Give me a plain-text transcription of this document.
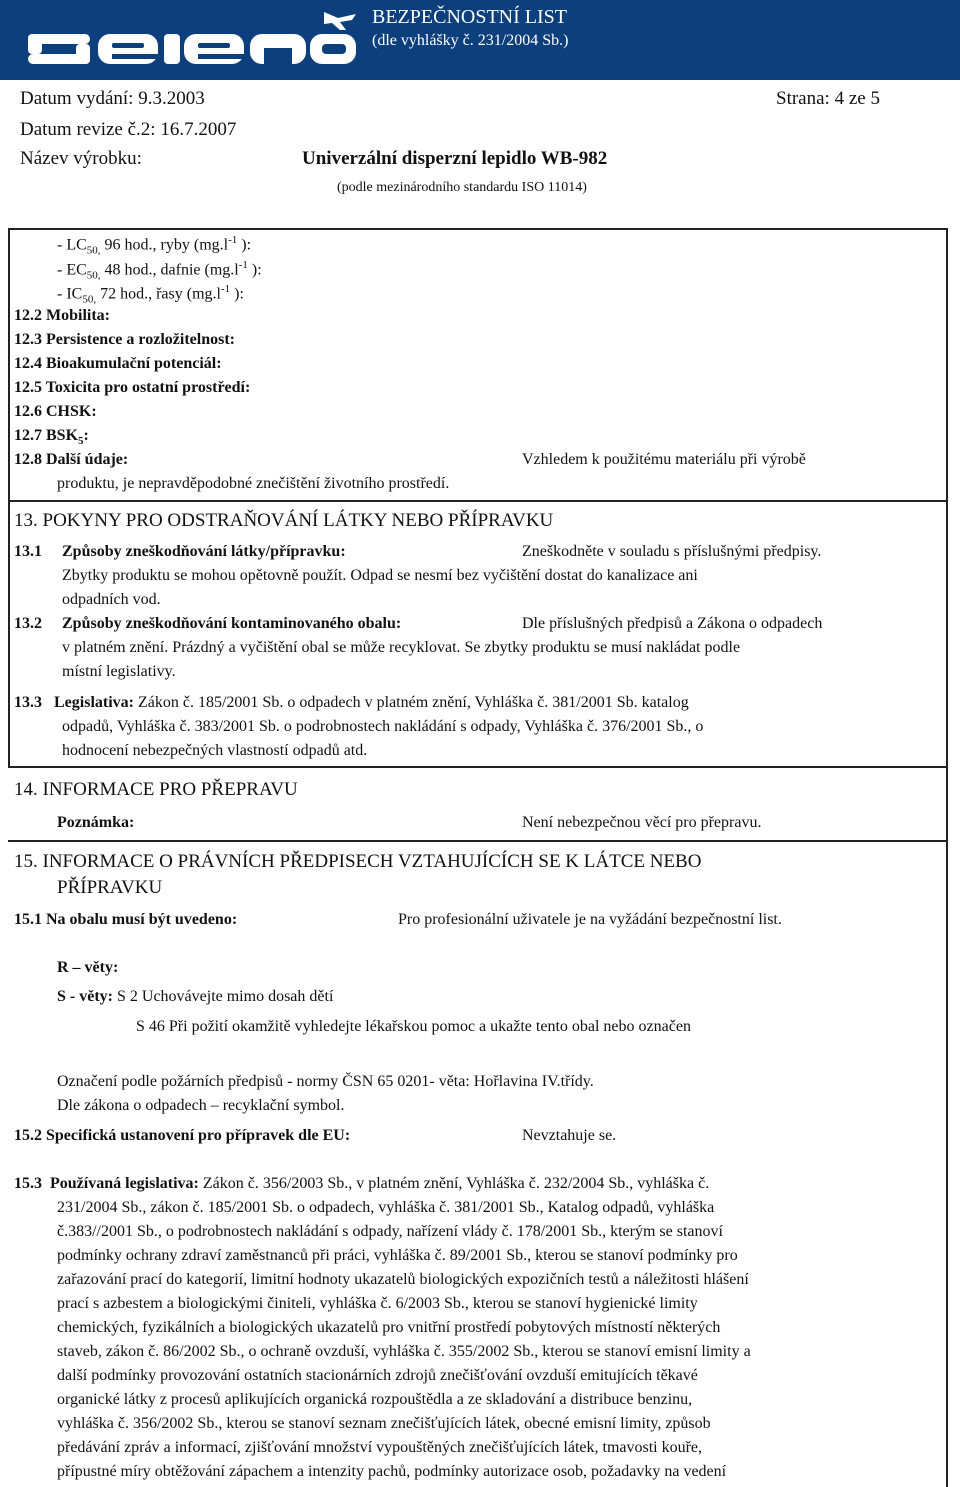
BEZPEČNOSTNÍ LIST
(dle vyhlášky č. 231/2004 Sb.)
Datum vydání: 9.3.2003	Strana: 4 ze 5
Datum revize č.2: 16.7.2007
Název výrobku:	Univerzální disperzní lepidlo WB-982
(podle mezinárodního standardu ISO 11014)
- $LC_{50,}$ 96 hod., ryby ($mg.l^{-1}$ ):
- $EC_{50,}$ 48 hod., dafnie ($mg.l^{-1}$ ):
- $IC_{50,}$ 72 hod., řasy ($mg.l^{-1}$ ):
12.2 Mobilita:
12.3 Persistence a rozložitelnost:
12.4 Bioakumulační potenciál:
12.5 Toxicita pro ostatní prostředí:
12.6 CHSK:
12.7 $BSK_5$:
12.8 Další údaje:	Vzhledem k použitému materiálu při výrobě
produktu, je nepravděpodobné znečištění životního prostředí.
13. POKYNY PRO ODSTRAŇOVÁNÍ LÁTKY NEBO PŘÍPRAVKU
13.1 Způsoby zneškodňování látky/přípravku:	Zneškodněte v souladu s příslušnými předpisy.
Zbytky produktu se mohou opětovně použít. Odpad se nesmí bez vyčištění dostat do kanalizace ani
odpadních vod.
13.2 Způsoby zneškodňování kontaminovaného obalu:	Dle příslušných předpisů a Zákona o odpadech
v platném znění. Prázdný a vyčištění obal se může recyklovat. Se zbytky produktu se musí nakládat podle
místní legislativy.
13.3 Legislativa: Zákon č. 185/2001 Sb. o odpadech v platném znění, Vyhláška č. 381/2001 Sb. katalog
odpadů, Vyhláška č. 383/2001 Sb. o podrobnostech nakládání s odpady, Vyhláška č. 376/2001 Sb., o
hodnocení nebezpečných vlastností odpadů atd.
14. INFORMACE PRO PŘEPRAVU
Poznámka:	Není nebezpečnou věcí pro přepravu.
15. INFORMACE O PRÁVNÍCH PŘEDPISECH VZTAHUJÍCÍCH SE K LÁTCE NEBO
PŘÍPRAVKU
15.1 Na obalu musí být uvedeno:	Pro profesionální uživatele je na vyžádání bezpečnostní list.
R – věty:
S - věty: S 2 Uchovávejte mimo dosah dětí
S 46 Při požití okamžitě vyhledejte lékařskou pomoc a ukažte tento obal nebo označen
Označení podle požárních předpisů - normy ČSN 65 0201- věta: Hořlavina IV.třídy.
Dle zákona o odpadech – recyklační symbol.
15.2 Specifická ustanovení pro přípravek dle EU:	Nevztahuje se.
15.3 Používaná legislativa: Zákon č. 356/2003 Sb., v platném znění, Vyhláška č. 232/2004 Sb., vyhláška č.
231/2004 Sb., zákon č. 185/2001 Sb. o odpadech, vyhláška č. 381/2001 Sb., Katalog odpadů, vyhláška
č.383//2001 Sb., o podrobnostech nakládání s odpady, nařízení vlády č. 178/2001 Sb., kterým se stanoví
podmínky ochrany zdraví zaměstnanců při práci, vyhláška č. 89/2001 Sb., kterou se stanoví podmínky pro
zařazování prací do kategorií, limitní hodnoty ukazatelů biologických expozičních testů a náležitosti hlášení
prací s azbestem a biologickými činiteli, vyhláška č. 6/2003 Sb., kterou se stanoví hygienické limity
chemických, fyzikálních a biologických ukazatelů pro vnitřní prostředí pobytových místností některých
staveb, zákon č. 86/2002 Sb., o ochraně ovzduší, vyhláška č. 355/2002 Sb., kterou se stanoví emisní limity a
další podmínky provozování ostatních stacionárních zdrojů znečišťování ovzduší emitujících těkavé
organické látky z procesů aplikujících organická rozpouštědla a ze skladování a distribuce benzinu,
vyhláška č. 356/2002 Sb., kterou se stanoví seznam znečišťujících látek, obecné emisní limity, způsob
předávání zpráv a informací, zjišťování množství vypouštěných znečišťujících látek, tmavosti kouře,
přípustné míry obtěžování zápachem a intenzity pachů, podmínky autorizace osob, požadavky na vedení
